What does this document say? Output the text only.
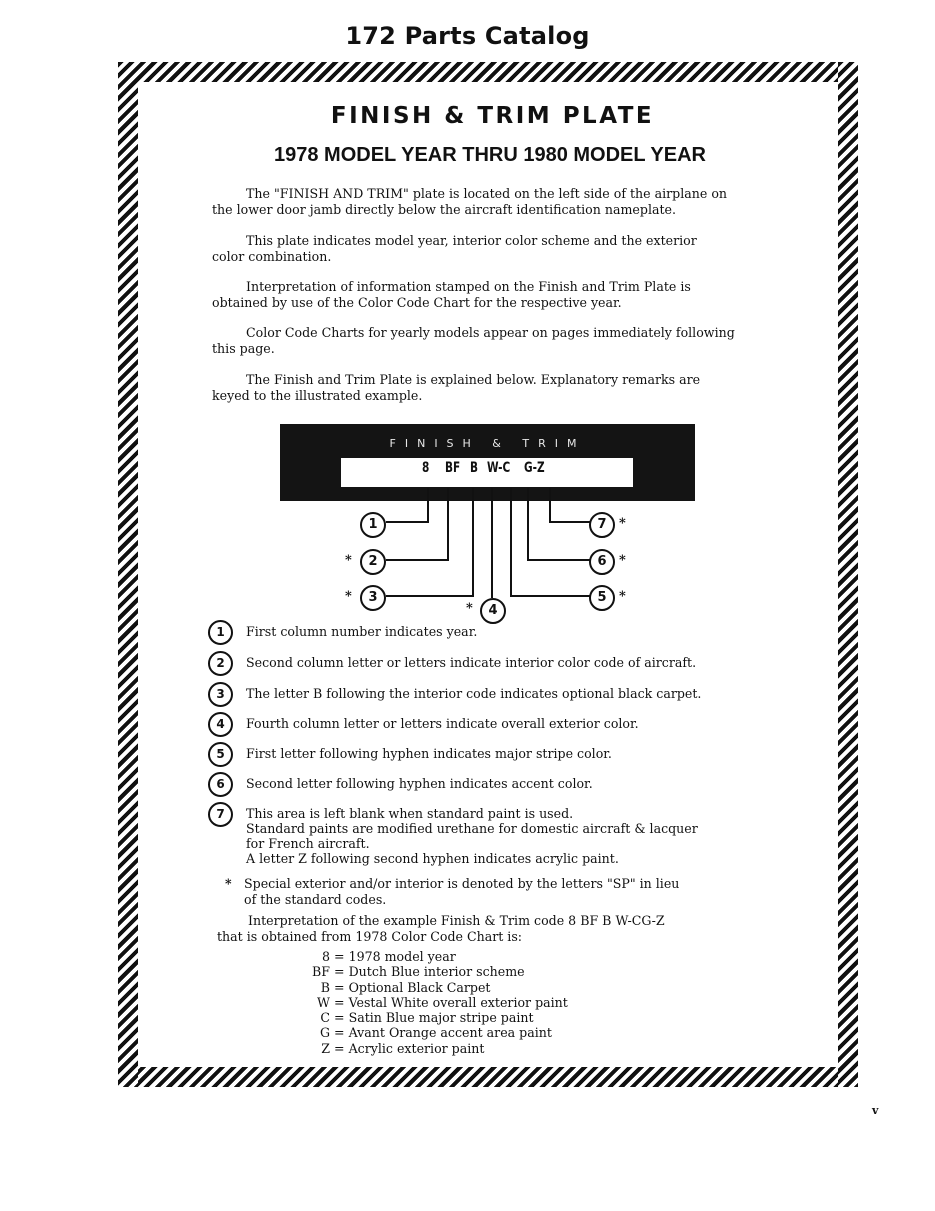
172 Parts Catalog
FINISH & TRIM PLATE
1978 MODEL YEAR THRU 1980 MODEL YEAR
The "FINISH AND TRIM" plate is located on the left side of the airplane on
the lower door jamb directly below the aircraft identification nameplate.
This plate indicates model year, interior color scheme and the exterior
color combination.
Interpretation of information stamped on the Finish and Trim Plate is
obtained by use of the Color Code Chart for the respective year.
Color Code Charts for yearly models appear on pages immediately following
this page.
The Finish and Trim Plate is explained below. Explanatory remarks are
keyed to the illustrated example.
FINISH & TRIM
8 BF B W-C G-Z
1
2
*
3
*
4
*
5 *
6 *
7 *
1	First column number indicates year.
2	Second column letter or letters indicate interior color code of aircraft.
3	The letter B following the interior code indicates optional black carpet.
4	Fourth column letter or letters indicate overall exterior color.
5	First letter following hyphen indicates major stripe color.
6	Second letter following hyphen indicates accent color.
7	This area is left blank when standard paint is used.
Standard paints are modified urethane for domestic aircraft & lacquer
for French aircraft.
A letter Z following second hyphen indicates acrylic paint.
* Special exterior and/or interior is denoted by the letters "SP" in lieu
of the standard codes.
Interpretation of the example Finish & Trim code 8 BF B W-CG-Z
that is obtained from 1978 Color Code Chart is:
8 = 1978 model year
BF = Dutch Blue interior scheme
B = Optional Black Carpet
W = Vestal White overall exterior paint
C = Satin Blue major stripe paint
G = Avant Orange accent area paint
Z = Acrylic exterior paint
v
